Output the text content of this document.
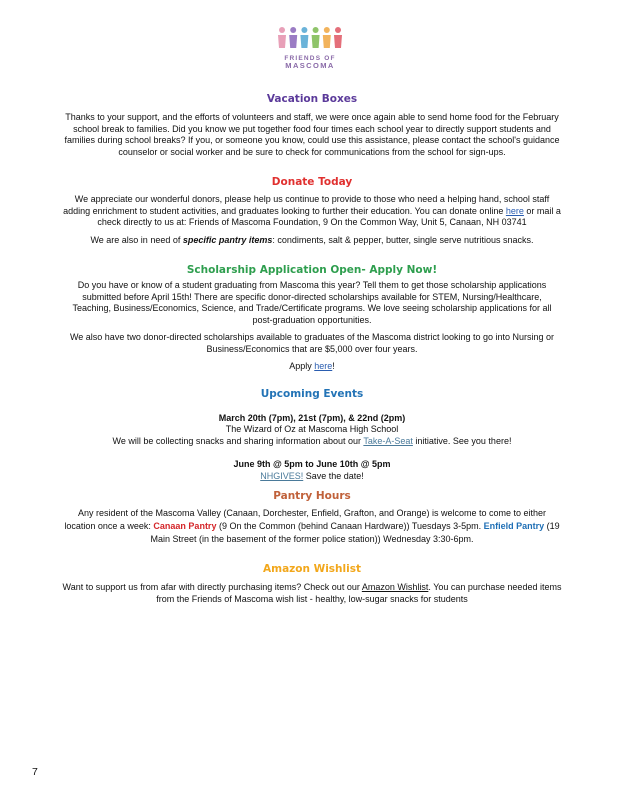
FRIENDS OF
MASCOMA

Vacation Boxes

Thanks to your support, and the efforts of volunteers and staff, we were once again able to send home food for the February school break to families. Did you know we put together food four times each school year to directly support students and families during school breaks? If you, or someone you know, could use this assistance, please contact the school's guidance counselor or social worker and be sure to check for communications from the school for sign-ups.

Donate Today

We appreciate our wonderful donors, please help us continue to provide to those who need a helping hand, school staff adding enrichment to student activities, and graduates looking to further their education. You can donate online here or mail a check directly to us at: Friends of Mascoma Foundation, 9 On the Common Way, Unit 5, Canaan, NH 03741

We are also in need of specific pantry items: condiments, salt & pepper, butter, single serve nutritious snacks.

Scholarship Application Open- Apply Now!

Do you have or know of a student graduating from Mascoma this year? Tell them to get those scholarship applications submitted before April 15th! There are specific donor-directed scholarships available for STEM, Nursing/Healthcare, Teaching, Business/Economics, Science, and Trade/Certificate programs. We love seeing scholarship applications for all post-graduation opportunities.

We also have two donor-directed scholarships available to graduates of the Mascoma district looking to go into Nursing or Business/Economics that are $5,000 over four years.

Apply here!

Upcoming Events

March 20th (7pm), 21st (7pm), & 22nd (2pm)

The Wizard of Oz at Mascoma High School

We will be collecting snacks and sharing information about our Take-A-Seat initiative. See you there!

June 9th @ 5pm to June 10th @ 5pm

NHGIVES! Save the date!

Pantry Hours

Any resident of the Mascoma Valley (Canaan, Dorchester, Enfield, Grafton, and Orange) is welcome to come to either location once a week: Canaan Pantry (9 On the Common (behind Canaan Hardware)) Tuesdays 3-5pm. Enfield Pantry (19 Main Street (in the basement of the former police station)) Wednesday 3:30-6pm.

Amazon Wishlist

Want to support us from afar with directly purchasing items? Check out our Amazon Wishlist. You can purchase needed items from the Friends of Mascoma wish list - healthy, low-sugar snacks for students

7
